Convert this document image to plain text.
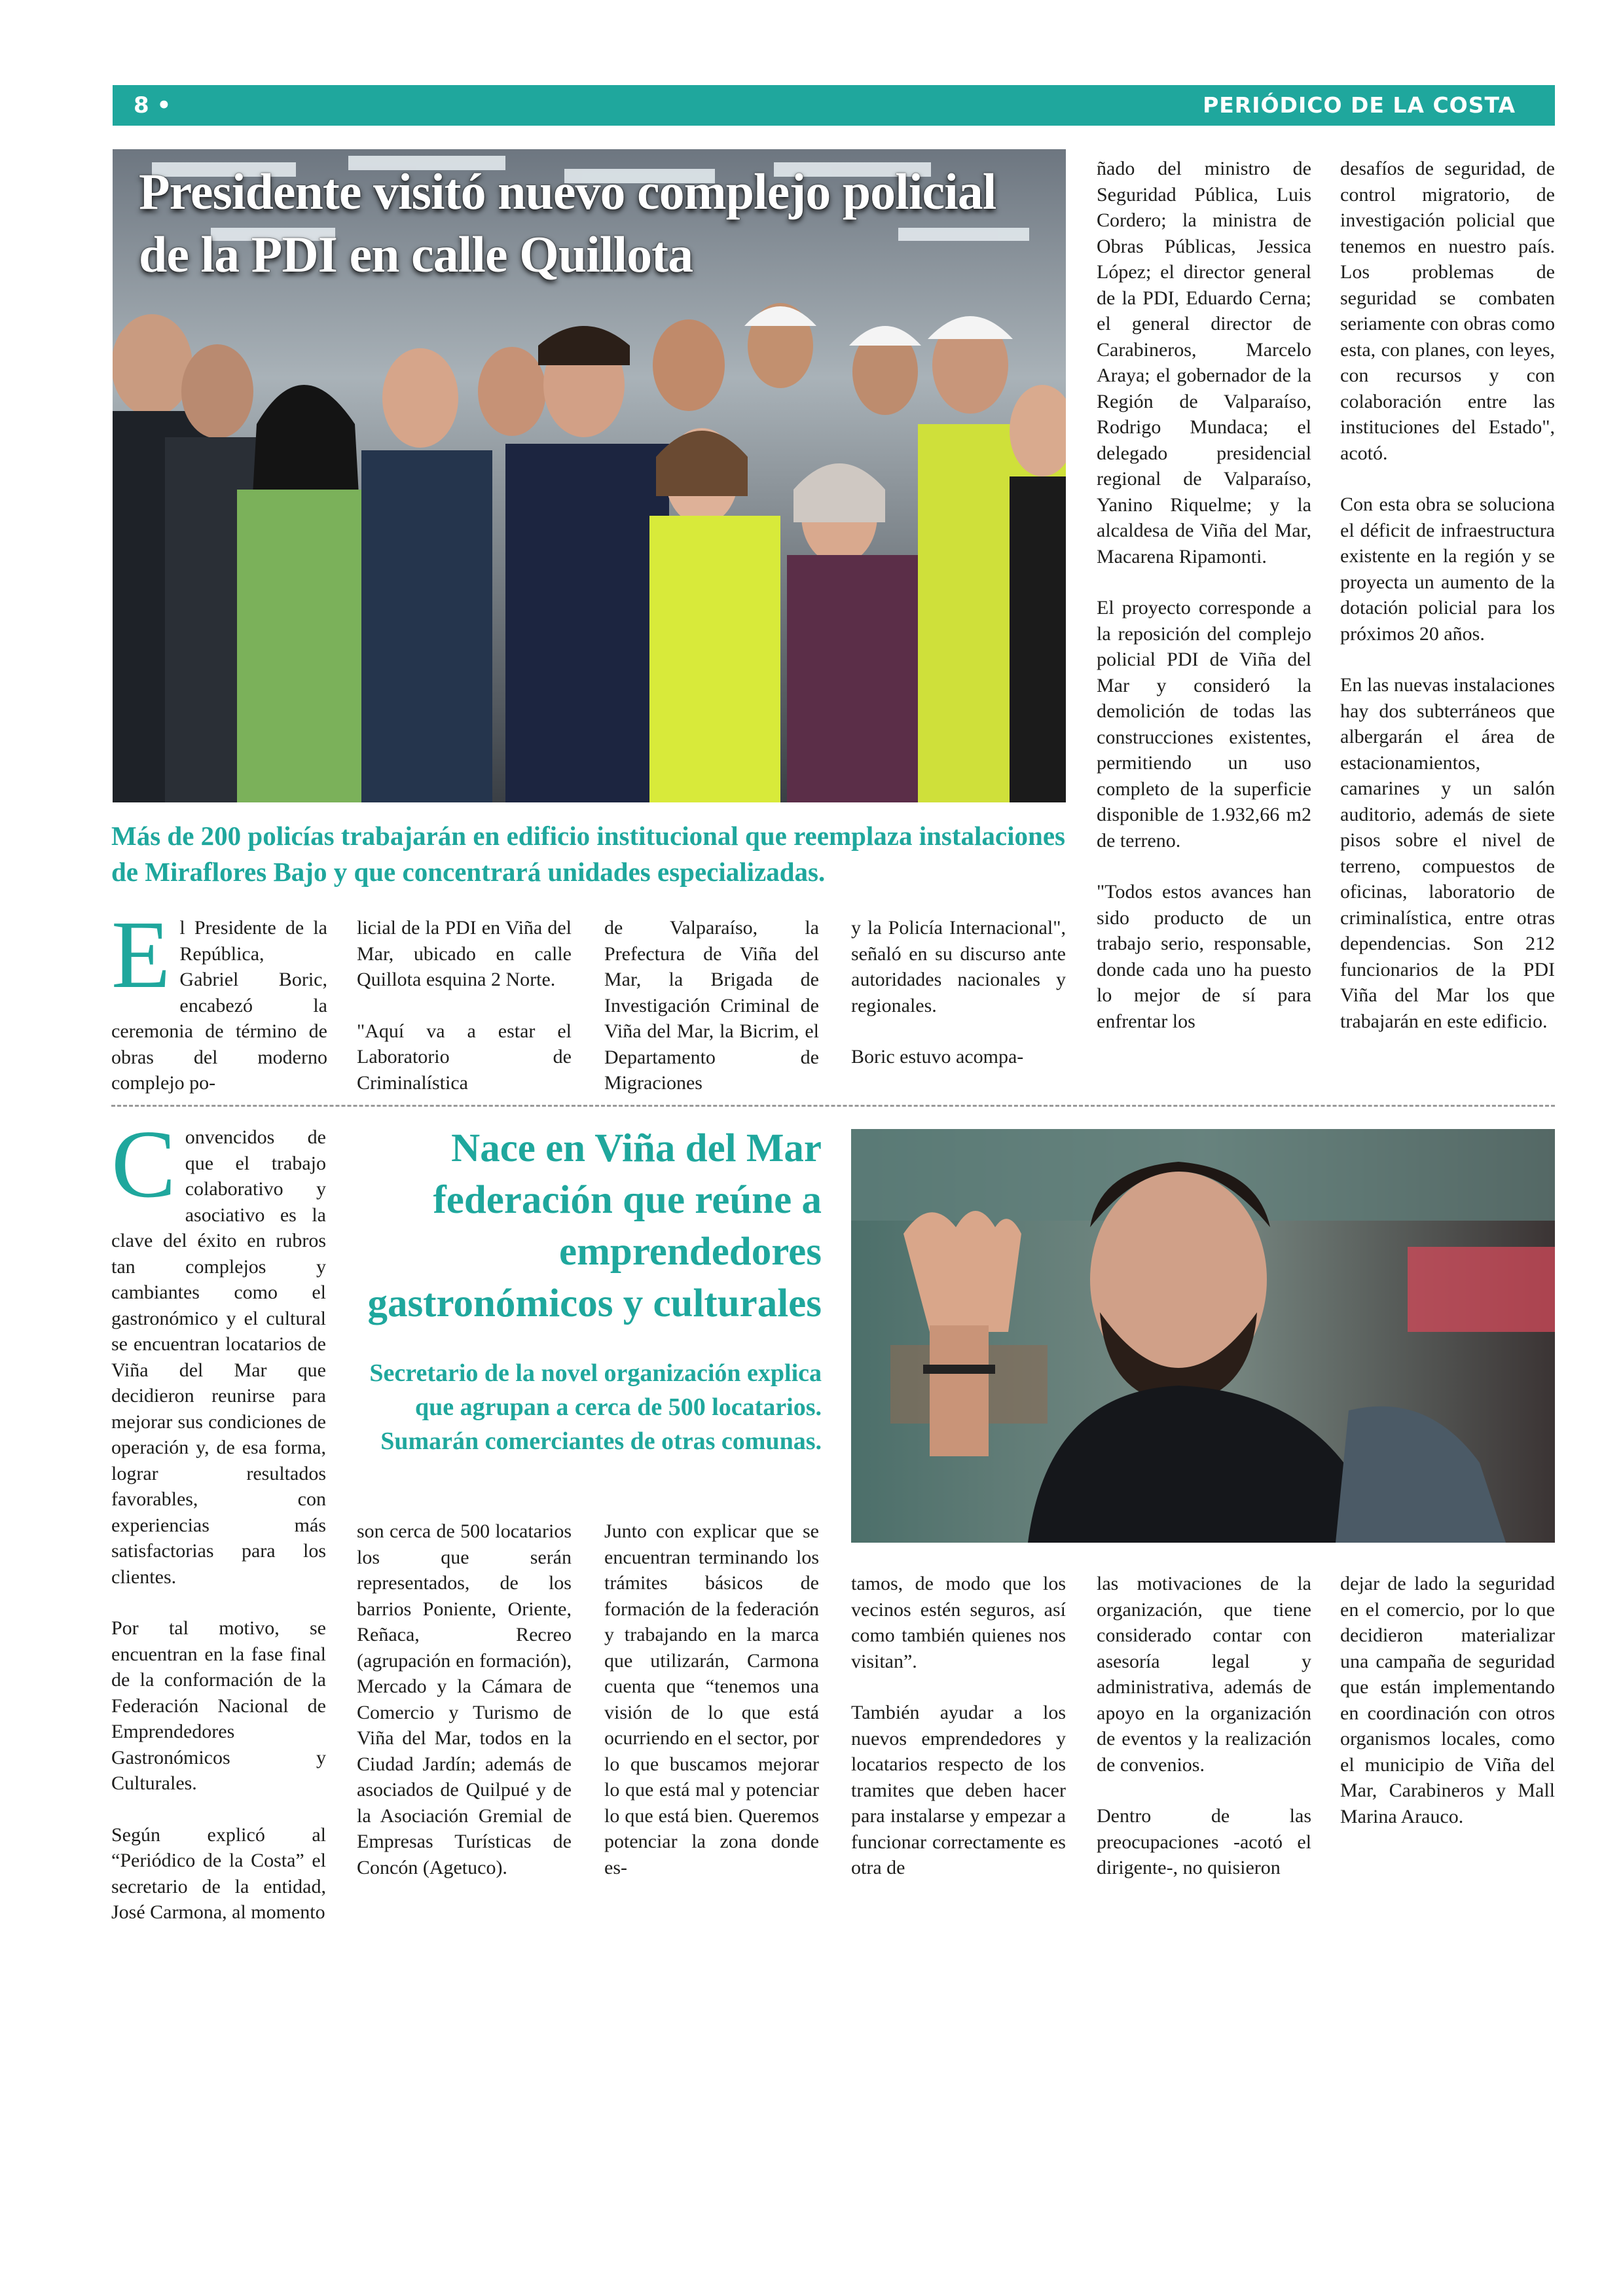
8 •	PERIÓDICO DE LA COSTA
Presidente visitó nuevo complejo policial de la PDI en calle Quillota
Más de 200 policías trabajarán en edificio institucional que reemplaza instalaciones de Miraflores Bajo y que concentrará unidades especializadas.

El Presidente de la República, Gabriel Boric, encabezó la ceremonia de término de obras del moderno complejo po-

licial de la PDI en Viña del Mar, ubicado en calle Quillota esquina 2 Norte.

"Aquí va a estar el Laboratorio de Criminalística

de Valparaíso, la Prefectura de Viña del Mar, la Brigada de Investigación Criminal de Viña del Mar, la Bicrim, el Departamento de Migraciones

y la Policía Internacional", señaló en su discurso ante autoridades nacionales y regionales.

Boric estuvo acompa-

ñado del ministro de Seguridad Pública, Luis Cordero; la ministra de Obras Públicas, Jessica López; el director general de la PDI, Eduardo Cerna; el general director de Carabineros, Marcelo Araya; el gobernador de la Región de Valparaíso, Rodrigo Mundaca; el delegado presidencial regional de Valparaíso, Yanino Riquelme; y la alcaldesa de Viña del Mar, Macarena Ripamonti.

El proyecto corresponde a la reposición del complejo policial PDI de Viña del Mar y consideró la demolición de todas las construcciones existentes, permitiendo un uso completo de la superficie disponible de 1.932,66 m2 de terreno.

"Todos estos avances han sido producto de un trabajo serio, responsable, donde cada uno ha puesto lo mejor de sí para enfrentar los

desafíos de seguridad, de control migratorio, de investigación policial que tenemos en nuestro país. Los problemas de seguridad se combaten seriamente con obras como esta, con planes, con leyes, con recursos y con colaboración entre las instituciones del Estado", acotó.

Con esta obra se soluciona el déficit de infraestructura existente en la región y se proyecta un aumento de la dotación policial para los próximos 20 años.

En las nuevas instalaciones hay dos subterráneos que albergarán el área de estacionamientos, camarines y un salón auditorio, además de siete pisos sobre el nivel de terreno, compuestos de oficinas, laboratorio de criminalística, entre otras dependencias. Son 212 funcionarios de la PDI Viña del Mar los que trabajarán en este edificio.

Convencidos de que el trabajo colaborativo y asociativo es la clave del éxito en rubros tan complejos y cambiantes como el gastronómico y el cultural se encuentran locatarios de Viña del Mar que decidieron reunirse para mejorar sus condiciones de operación y, de esa forma, lograr resultados favorables, con experiencias más satisfactorias para los clientes.

Por tal motivo, se encuentran en la fase final de la conformación de la Federación Nacional de Emprendedores Gastronómicos y Culturales.

Según explicó al “Periódico de la Costa” el secretario de la entidad, José Carmona, al momento

Nace en Viña del Mar federación que reúne a emprendedores gastronómicos y culturales
Secretario de la novel organización explica que agrupan a cerca de 500 locatarios. Sumarán comerciantes de otras comunas.

son cerca de 500 locatarios los que serán representados, de los barrios Poniente, Oriente, Reñaca, Recreo (agrupación en formación), Mercado y la Cámara de Comercio y Turismo de Viña del Mar, todos en la Ciudad Jardín; además de asociados de Quilpué y de la Asociación Gremial de Empresas Turísticas de Concón (Agetuco).

Junto con explicar que se encuentran terminando los trámites básicos de formación de la federación y trabajando en la marca que utilizarán, Carmona cuenta que “tenemos una visión de lo que está ocurriendo en el sector, por lo que buscamos mejorar lo que está mal y potenciar lo que está bien. Queremos potenciar la zona donde es-

tamos, de modo que los vecinos estén seguros, así como también quienes nos visitan”.

También ayudar a los nuevos emprendedores y locatarios respecto de los tramites que deben hacer para instalarse y empezar a funcionar correctamente es otra de

las motivaciones de la organización, que tiene considerado contar con asesoría legal y administrativa, además de apoyo en la organización de eventos y la realización de convenios.

Dentro de las preocupaciones -acotó el dirigente-, no quisieron

dejar de lado la seguridad en el comercio, por lo que decidieron materializar una campaña de seguridad que están implementando en coordinación con otros organismos locales, como el municipio de Viña del Mar, Carabineros y Mall Marina Arauco.
